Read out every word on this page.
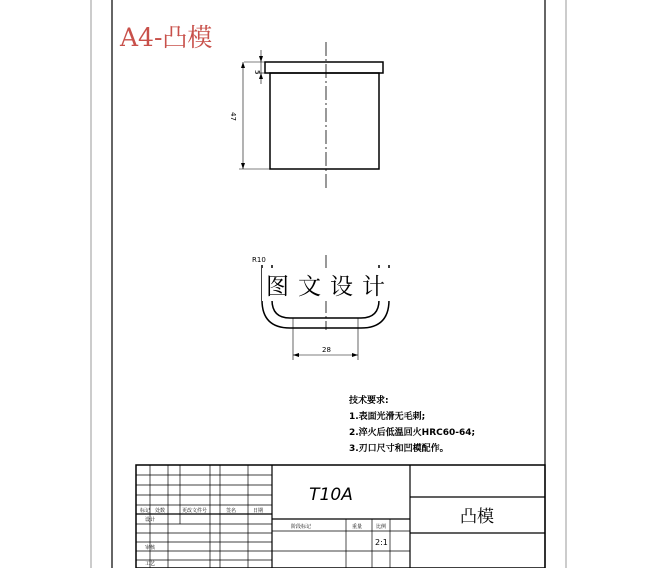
5
47
R10
28
标记 处数	更改文件号	签名	日期
设计
审核
工艺
阶段标记	重量	比例
2:1
T10A
凸模
A4-凸模
图文设计
技术要求:
1.表面光滑无毛刺;
2.淬火后低温回火HRC60-64;
3.刃口尺寸和凹模配作。
